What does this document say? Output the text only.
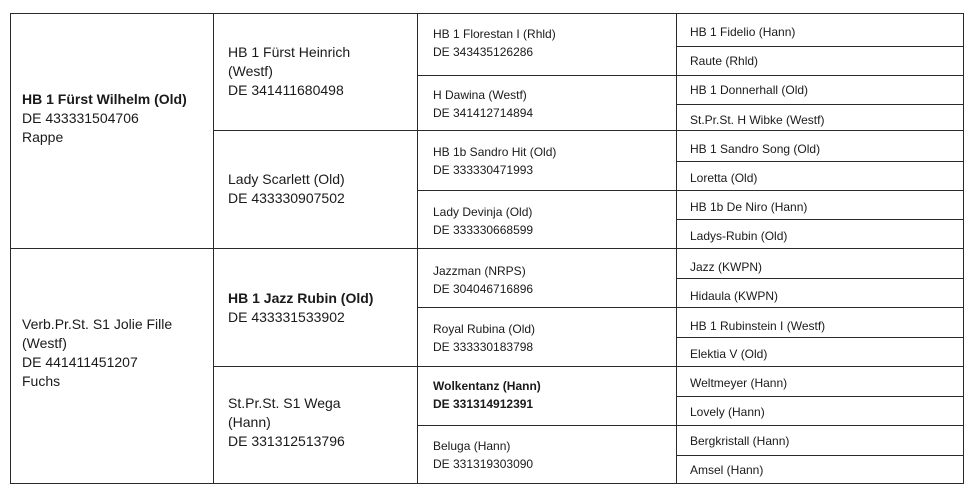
HB 1 Fürst Wilhelm (Old)
DE 433331504706
Rappe
Verb.Pr.St. S1 Jolie Fille
(Westf)
DE 441411451207
Fuchs
HB 1 Fürst Heinrich
(Westf)
DE 341411680498
Lady Scarlett (Old)
DE 433330907502
HB 1 Jazz Rubin (Old)
DE 433331533902
St.Pr.St. S1 Wega
(Hann)
DE 331312513796
HB 1 Florestan I (Rhld)
DE 343435126286
H Dawina (Westf)
DE 341412714894
HB 1b Sandro Hit (Old)
DE 333330471993
Lady Devinja (Old)
DE 333330668599
Jazzman (NRPS)
DE 304046716896
Royal Rubina (Old)
DE 333330183798
Wolkentanz (Hann)
DE 331314912391
Beluga (Hann)
DE 331319303090
HB 1 Fidelio (Hann)
Raute (Rhld)
HB 1 Donnerhall (Old)
St.Pr.St. H Wibke (Westf)
HB 1 Sandro Song (Old)
Loretta (Old)
HB 1b De Niro (Hann)
Ladys-Rubin (Old)
Jazz (KWPN)
Hidaula (KWPN)
HB 1 Rubinstein I (Westf)
Elektia V (Old)
Weltmeyer (Hann)
Lovely (Hann)
Bergkristall (Hann)
Amsel (Hann)
